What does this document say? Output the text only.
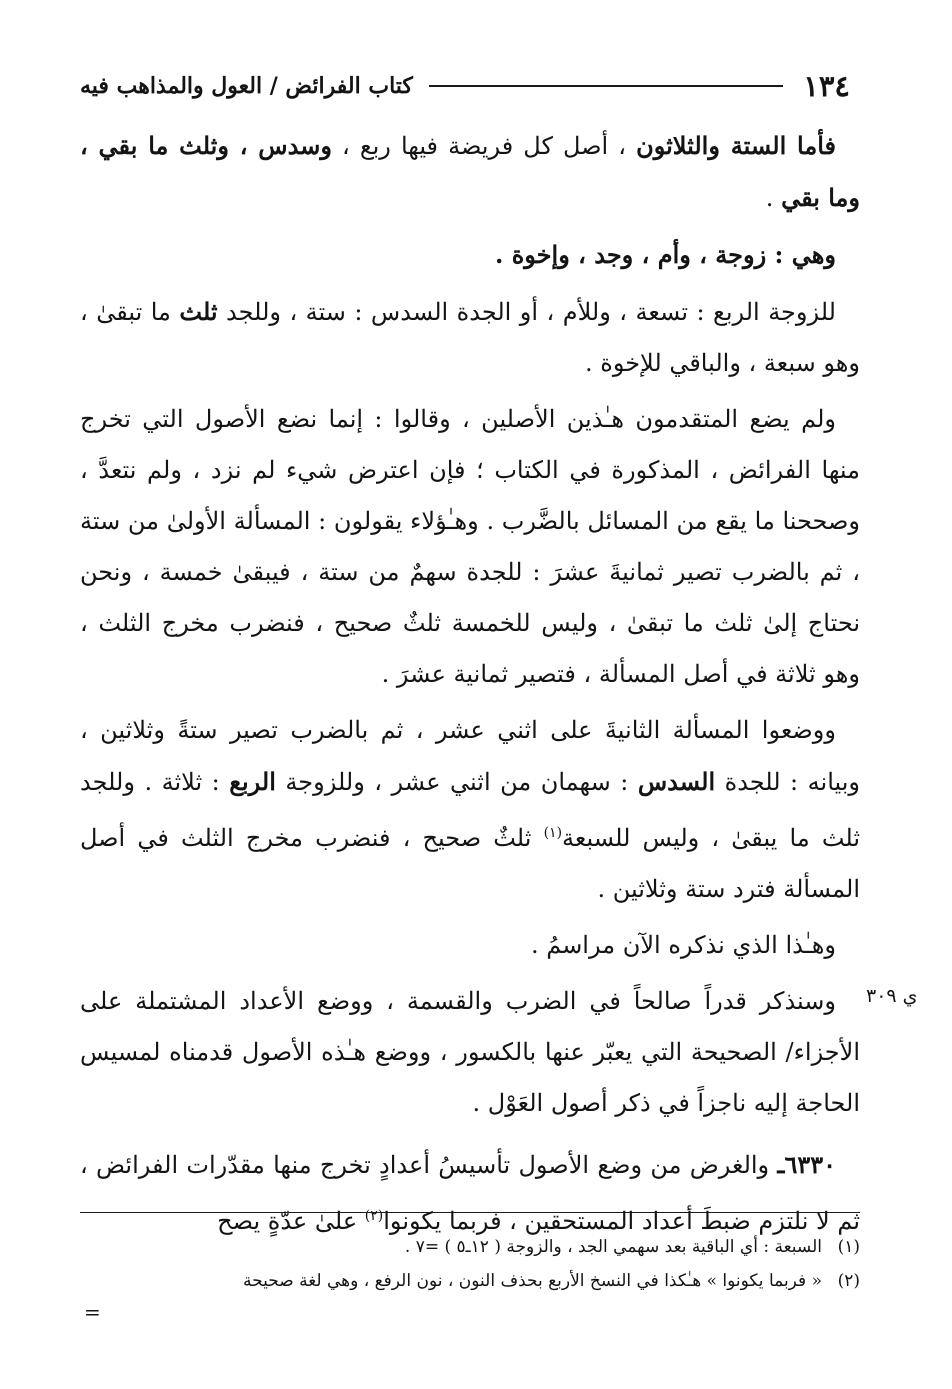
١٣٤
كتاب الفرائض / العول والمذاهب فيه

فأما الستة والثلاثون ، أصل كل فريضة فيها ربع ، وسدس ، وثلث ما بقي ، وما بقي .

وهي : زوجة ، وأم ، وجد ، وإخوة .

للزوجة الربع : تسعة ، وللأم ، أو الجدة السدس : ستة ، وللجد ثلث ما تبقىٰ ، وهو سبعة ، والباقي للإخوة .

ولم يضع المتقدمون هـٰذين الأصلين ، وقالوا : إنما نضع الأصول التي تخرج منها الفرائض ، المذكورة في الكتاب ؛ فإن اعترض شيء لم نزد ، ولم نتعدَّ ، وصححنا ما يقع من المسائل بالضَّرب . وهـٰؤلاء يقولون : المسألة الأولىٰ من ستة ، ثم بالضرب تصير ثمانيةَ عشرَ : للجدة سهمٌ من ستة ، فيبقىٰ خمسة ، ونحن نحتاج إلىٰ ثلث ما تبقىٰ ، وليس للخمسة ثلثٌ صحيح ، فنضرب مخرج الثلث ، وهو ثلاثة في أصل المسألة ، فتصير ثمانية عشرَ .

ووضعوا المسألة الثانيةَ على اثني عشر ، ثم بالضرب تصير ستةً وثلاثين ، وبيانه : للجدة السدس : سهمان من اثني عشر ، وللزوجة الربع : ثلاثة . وللجد ثلث ما يبقىٰ ، وليس للسبعة$^{(١)}$ ثلثٌ صحيح ، فنضرب مخرج الثلث في أصل المسألة فترد ستة وثلاثين .

وهـٰذا الذي نذكره الآن مراسمُ .

وسنذكر قدراً صالحاً في الضرب والقسمة ، ووضع الأعداد المشتملة على الأجزاء/ الصحيحة التي يعبّر عنها بالكسور ، ووضع هـٰذه الأصول قدمناه لمسيس الحاجة إليه ناجزاً في ذكر أصول العَوْل .

٦٣٣٠ـ والغرض من وضع الأصول تأسيسُ أعدادٍ تخرج منها مقدّرات الفرائض ، ثم لا نلتزم ضبطَ أعداد المستحقين ، فربما يكونوا$^{(٢)}$ علىٰ عدّةٍ يصح

ي ٣٠٩
(١)السبعة : أي الباقية بعد سهمي الجد ، والزوجة ( ١٢ـ٥ ) =٧ .
(٢)« فربما يكونوا » هـٰكذا في النسخ الأربع بحذف النون ، نون الرفع ، وهي لغة صحيحة
=
